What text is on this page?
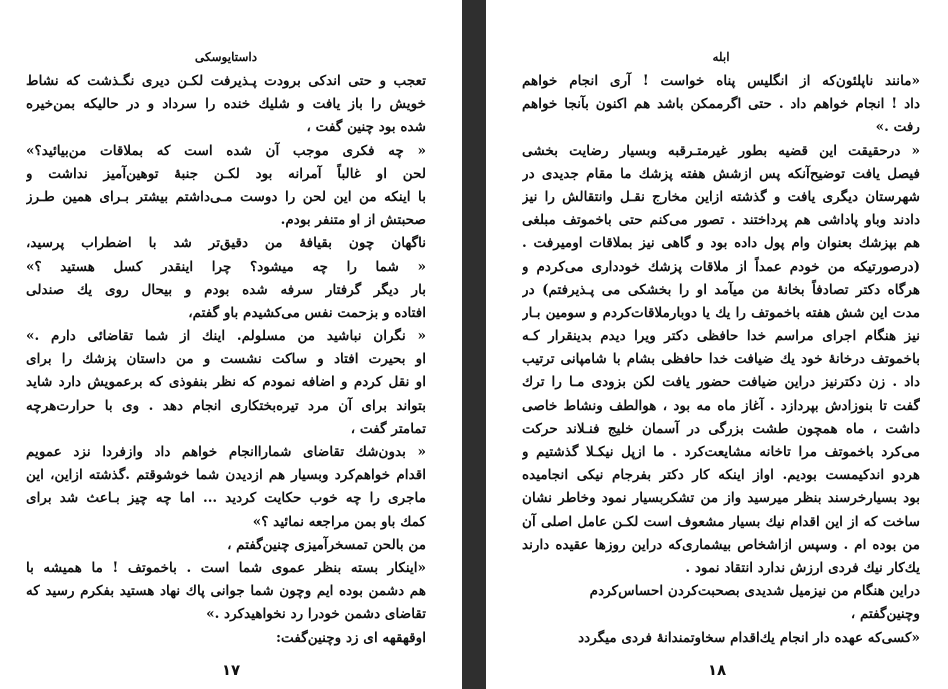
داستایوسکی
تعجب و حتی اندکی برودت پـذیرفت لکـن دیری نگـذشت که نشاط
خویش را باز یافت و شلیك خنده را سرداد و در حالیکه بمن‌خیره
شده بود چنین گفت ،
« چه فکری موجب آن شده است که بملاقات من‌بیائید؟»
لحن او غالباً آمرانه بود لکـن جنبهٔ توهین‌آمیز نداشت و
با اینکه من این لحن را دوست مـی‌داشتم بیشتر بـرای همین طـرز
صحبتش از او متنفر بودم.
ناگهان چون بقیافهٔ من دقیق‌تر شد با اضطراب پرسید،
« شما را چه میشود؟ چرا اینقدر کسل هستید ؟»
بار دیگر گرفتار سرفه شده بودم و بیحال روی یك صندلی
افتاده و بزحمت نفس می‌کشیدم باو گفتم،
« نگران نباشید من مسلولم. اینك از شما تقاضائی دارم .»
او بحیرت افتاد و ساکت نشست و من داستان پزشك را برای
او نقل کردم و اضافه نمودم که نظر بنفوذی که برعمویش دارد شاید
بتواند برای آن مرد تیره‌بختکاری انجام دهد . وی با حرارت‌هرچه
تمامتر گفت ،
« بدون‌شك تقاضای شمارا‌انجام خواهم داد وازفردا نزد عمویم
اقدام خواهم‌کرد وبسیار هم ازدیدن شما خوشوقتم .گذشته ازاین، این
ماجری را چه خوب حکایت کردید ... اما چه چیز بـاعث شد برای
کمك باو بمن مراجعه نمائید ؟»
من بالحن تمسخرآمیزی چنین‌گفتم ،
«اینکار بسته بنظر عموی شما است . باخموتف ! ما همیشه با
هم دشمن بوده ایم وچون شما جوانی پاك نهاد هستید بفکرم رسید که
تقاضای دشمن خودرا رد نخواهید‌کرد .»
اوقهقهه ای زد وچنین‌گفت:
۱۷
ابله
«مانند ناپلئون‌که از انگلیس پناه خواست ! آری انجام خواهم
داد ! انجام خواهم داد . حتی اگرممکن باشد هم اکنون بآنجا خواهم
رفت .»
« درحقیقت این قضیه بطور غیرمتـرقبه وبسیار رضایت بخشی
فیصل یافت توضیح‌آنکه پس ازشش هفته پزشك ما مقام جدیدی در
شهرستان دیگری یافت و گذشته ازاین مخارج نقـل وانتقالش را نیز
دادند وباو پاداشی هم پرداختند . تصور می‌کنم حتی باخموتف مبلغی
هم بپزشك بعنوان وام پول داده بود و گاهی نیز بملاقات اومیرفت .
(درصورتیکه من خودم عمداً از ملاقات پزشك خودداری می‌کردم و
هرگاه دکتر تصادفاً بخانهٔ من میآمد او را بخشکی می پـذیرفتم) در
مدت این شش هفته باخموتف را یك یا دوبارملاقات‌کردم و سومین بـار
نیز هنگام اجرای مراسم خدا حافظی دکتر ویرا دیدم بدینقرار کـه
باخموتف درخانهٔ خود یك ضیافت خدا حافظی بشام با شامپانی ترتیب
داد . زن دکترنیز دراین ضیافت حضور یافت لکن بزودی مـا را ترك
گفت تا بنوزادش بپردازد . آغاز ماه مه بود ، هوالطف ونشاط خاصی
داشت ، ماه همچون طشت بزرگی در آسمان خلیج فنـلاند حرکت
می‌کرد باخموتف مرا تاخانه مشایعت‌کرد . ما ازپل نیکـلا گذشتیم و
هردو اندکیمست بودیم. اواز اینکه کار دکتر بفرجام نیکی انجامیده
بود بسیارخرسند بنظر میرسید واز من تشکربسیار نمود وخاطر نشان
ساخت که از این اقدام نیك بسیار مشعوف است لکـن عامل اصلی آن
من بوده ام . وسپس ازاشخاص بیشماری‌که دراین روزها عقیده دارند
یك‌کار نیك فردی ارزش ندارد انتقاد نمود .
دراین هنگام من نیزمیل شدیدی بصحبت‌کردن احساس‌کردم
وچنین‌گفتم ،
«کسی‌که عهده دار انجام یك‌اقدام سخاوتمندانهٔ فردی میگردد
۱۸
